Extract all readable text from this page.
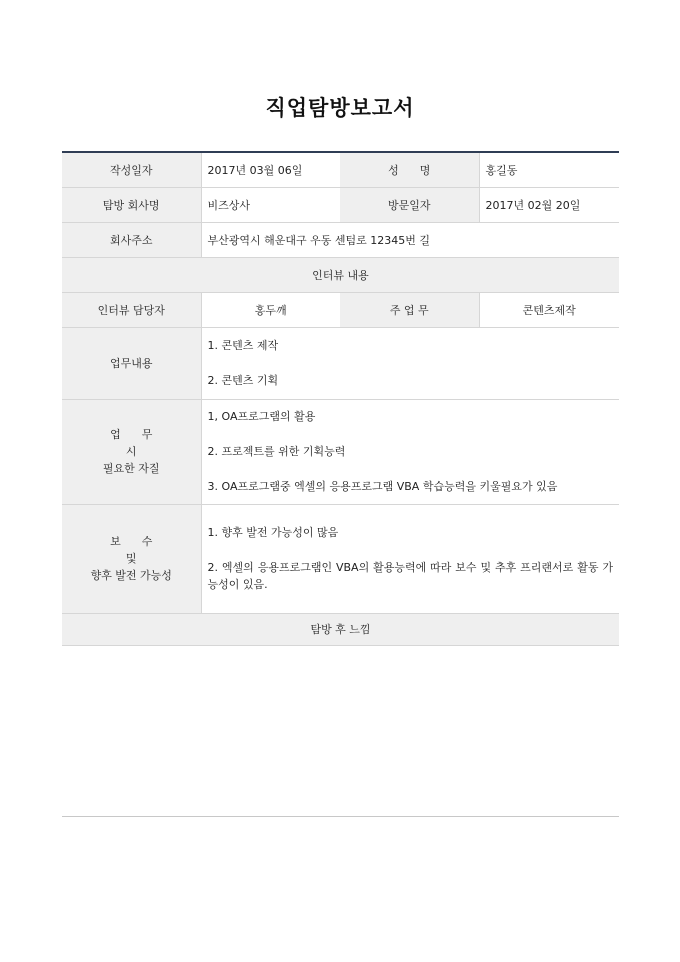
직업탐방보고서
작성일자	2017년 03월 06일	성      명	홍길동
탐방 회사명	비즈상사	방문일자	2017년 02월 20일
회사주소	부산광역시 해운대구 우동 센텀로 12345번 길		
인터뷰 내용			
인터뷰 담당자	홍두깨	주 업 무	콘텐츠제작
업무내용	1. 콘텐츠 제작
2. 콘텐츠 기획		

업      무
시
필요한 자질	1, OA프로그램의 활용
2. 프로젝트를 위한 기획능력
3. OA프로그램중 엑셀의 응용프로그램 VBA 학습능력을 키울필요가 있음		

보      수
및
향후 발전 가능성	1. 향후 발전 가능성이 많음
2. 엑셀의 응용프로그램인 VBA의 활용능력에 따라 보수 및 추후 프리랜서로 활동 가능성이 있음.		

탐방 후 느낌			
